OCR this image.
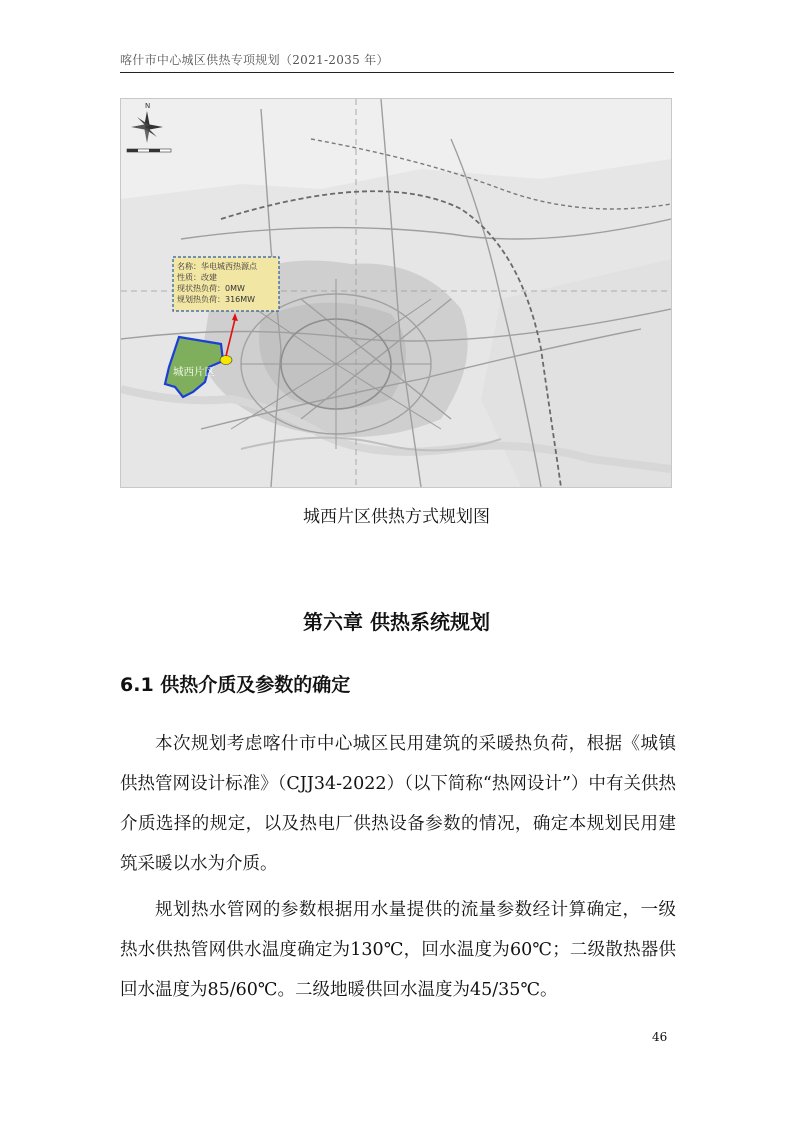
喀什市中心城区供热专项规划（2021-2035 年）
N
城西片区
名称：华电城西热源点
性质：改建
现状热负荷：0MW
规划热负荷：316MW
城西片区供热方式规划图
第六章 供热系统规划
6.1 供热介质及参数的确定
本次规划考虑喀什市中心城区民用建筑的采暖热负荷，根据《城镇供热管网设计标准》（CJJ34-2022）（以下简称“热网设计”）中有关供热介质选择的规定，以及热电厂供热设备参数的情况，确定本规划民用建筑采暖以水为介质。
规划热水管网的参数根据用水量提供的流量参数经计算确定，一级热水供热管网供水温度确定为130℃，回水温度为60℃；二级散热器供回水温度为85/60℃。二级地暖供回水温度为45/35℃。
46
